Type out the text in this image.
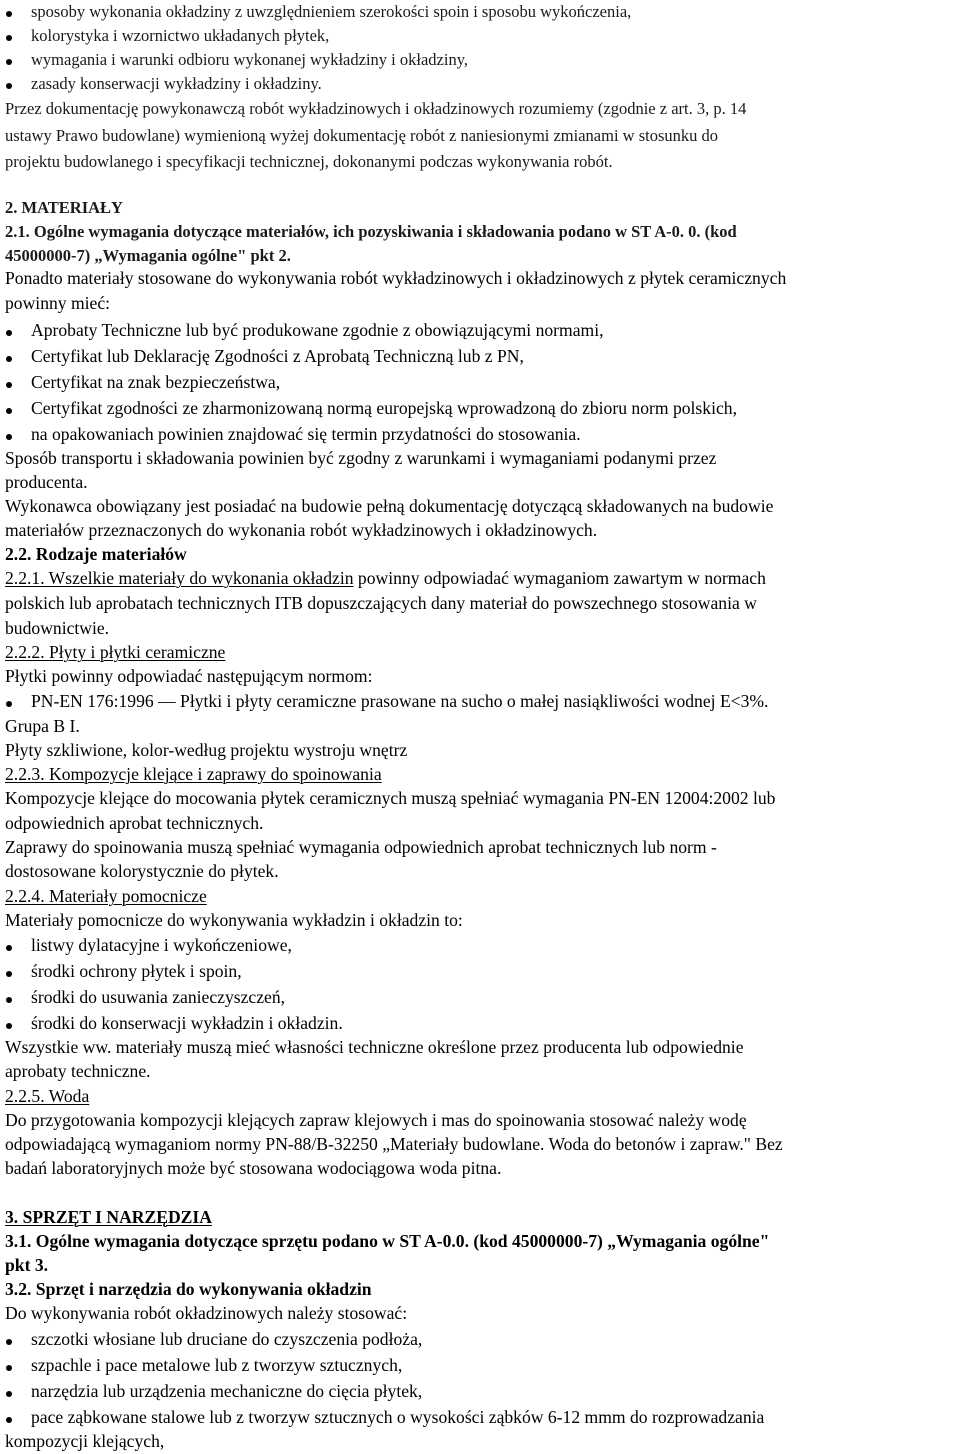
sposoby wykonania okładziny z uwzględnieniem szerokości spoin i sposobu wykończenia,
kolorystyka i wzornictwo układanych płytek,
wymagania i warunki odbioru wykonanej wykładziny i okładziny,
zasady konserwacji wykładziny i okładziny.
Przez dokumentację powykonawczą robót wykładzinowych i okładzinowych rozumiemy (zgodnie z art. 3, p. 14
ustawy Prawo budowlane) wymienioną wyżej dokumentację robót z naniesionymi zmianami w stosunku do
projektu budowlanego i specyfikacji technicznej, dokonanymi podczas wykonywania robót.
2. MATERIAŁY
2.1. Ogólne wymagania dotyczące materiałów, ich pozyskiwania i składowania podano w ST A-0. 0. (kod
45000000-7) „Wymagania ogólne" pkt 2.
Ponadto materiały stosowane do wykonywania robót wykładzinowych i okładzinowych z płytek ceramicznych
powinny mieć:
Aprobaty Techniczne lub być produkowane zgodnie z obowiązującymi normami,
Certyfikat lub Deklarację Zgodności z Aprobatą Techniczną lub z PN,
Certyfikat na znak bezpieczeństwa,
Certyfikat zgodności ze zharmonizowaną normą europejską wprowadzoną do zbioru norm polskich,
na opakowaniach powinien znajdować się termin przydatności do stosowania.
Sposób transportu i składowania powinien być zgodny z warunkami i wymaganiami podanymi przez
producenta.
Wykonawca obowiązany jest posiadać na budowie pełną dokumentację dotyczącą składowanych na budowie
materiałów przeznaczonych do wykonania robót wykładzinowych i okładzinowych.
2.2. Rodzaje materiałów
2.2.1. Wszelkie materiały do wykonania okładzin powinny odpowiadać wymaganiom zawartym w normach
polskich lub aprobatach technicznych ITB dopuszczających dany materiał do powszechnego stosowania w
budownictwie.
2.2.2. Płyty i płytki ceramiczne
Płytki powinny odpowiadać następującym normom:
PN-EN 176:1996 — Płytki i płyty ceramiczne prasowane na sucho o małej nasiąkliwości wodnej E<3%.
Grupa B I.
Płyty szkliwione, kolor-według projektu wystroju wnętrz
2.2.3. Kompozycje klejące i zaprawy do spoinowania
Kompozycje klejące do mocowania płytek ceramicznych muszą spełniać wymagania PN-EN 12004:2002 lub
odpowiednich aprobat technicznych.
Zaprawy do spoinowania muszą spełniać wymagania odpowiednich aprobat technicznych lub norm -
dostosowane kolorystycznie do płytek.
2.2.4. Materiały pomocnicze
Materiały pomocnicze do wykonywania wykładzin i okładzin to:
listwy dylatacyjne i wykończeniowe,
środki ochrony płytek i spoin,
środki do usuwania zanieczyszczeń,
środki do konserwacji wykładzin i okładzin.
Wszystkie ww. materiały muszą mieć własności techniczne określone przez producenta lub odpowiednie
aprobaty techniczne.
2.2.5. Woda
Do przygotowania kompozycji klejących zapraw klejowych i mas do spoinowania stosować należy wodę
odpowiadającą wymaganiom normy PN-88/B-32250 „Materiały budowlane. Woda do betonów i zapraw." Bez
badań laboratoryjnych może być stosowana wodociągowa woda pitna.
3. SPRZĘT I NARZĘDZIA
3.1. Ogólne wymagania dotyczące sprzętu podano w ST A-0.0. (kod 45000000-7) „Wymagania ogólne"
pkt 3.
3.2. Sprzęt i narzędzia do wykonywania okładzin
Do wykonywania robót okładzinowych należy stosować:
szczotki włosiane lub druciane do czyszczenia podłoża,
szpachle i pace metalowe lub z tworzyw sztucznych,
narzędzia lub urządzenia mechaniczne do cięcia płytek,
pace ząbkowane stalowe lub z tworzyw sztucznych o wysokości ząbków 6-12 mmm do rozprowadzania
kompozycji klejących,
